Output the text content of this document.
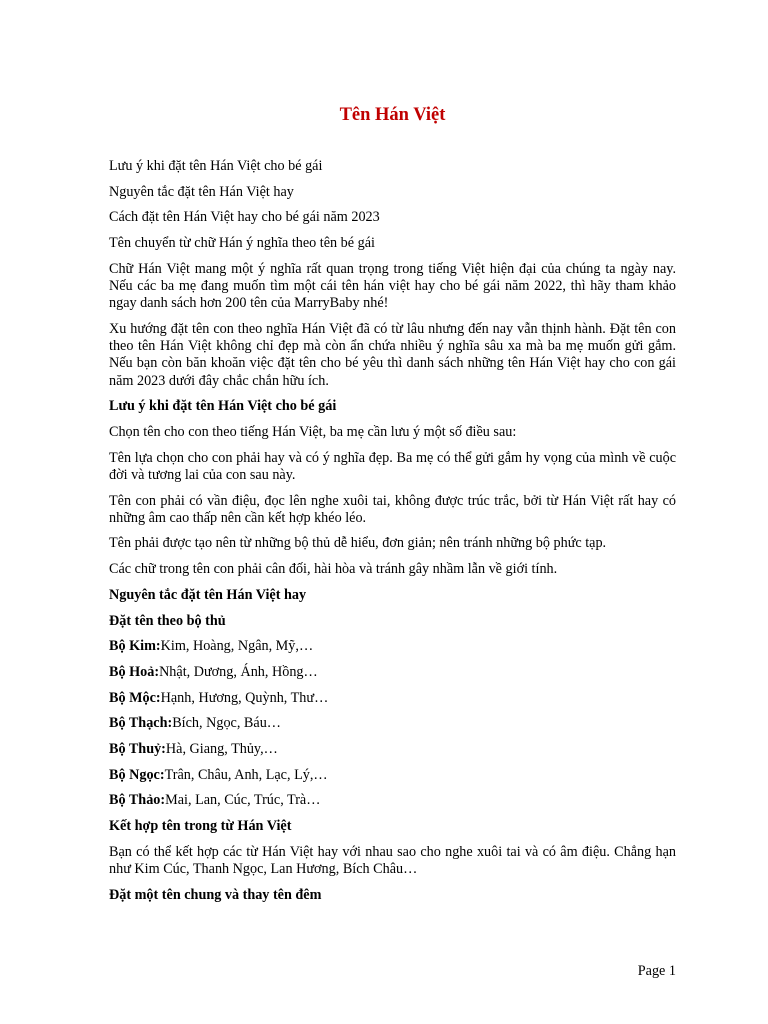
Tên Hán Việt

Lưu ý khi đặt tên Hán Việt cho bé gái

Nguyên tắc đặt tên Hán Việt hay

Cách đặt tên Hán Việt hay cho bé gái năm 2023

Tên chuyển từ chữ Hán ý nghĩa theo tên bé gái

Chữ Hán Việt mang một ý nghĩa rất quan trọng trong tiếng Việt hiện đại của chúng ta ngày nay. Nếu các ba mẹ đang muốn tìm một cái tên hán việt hay cho bé gái năm 2022, thì hãy tham khảo ngay danh sách hơn 200 tên của MarryBaby nhé!

Xu hướng đặt tên con theo nghĩa Hán Việt đã có từ lâu nhưng đến nay vẫn thịnh hành. Đặt tên con theo tên Hán Việt không chỉ đẹp mà còn ẩn chứa nhiều ý nghĩa sâu xa mà ba mẹ muốn gửi gắm. Nếu bạn còn băn khoăn việc đặt tên cho bé yêu thì danh sách những tên Hán Việt hay cho con gái năm 2023 dưới đây chắc chắn hữu ích.

Lưu ý khi đặt tên Hán Việt cho bé gái

Chọn tên cho con theo tiếng Hán Việt, ba mẹ cần lưu ý một số điều sau:

Tên lựa chọn cho con phải hay và có ý nghĩa đẹp. Ba mẹ có thể gửi gắm hy vọng của mình về cuộc đời và tương lai của con sau này.

Tên con phải có vần điệu, đọc lên nghe xuôi tai, không được trúc trắc, bởi từ Hán Việt rất hay có những âm cao thấp nên cần kết hợp khéo léo.

Tên phải được tạo nên từ những bộ thủ dễ hiểu, đơn giản; nên tránh những bộ phức tạp.

Các chữ trong tên con phải cân đối, hài hòa và tránh gây nhầm lẫn về giới tính.

Nguyên tắc đặt tên Hán Việt hay

Đặt tên theo bộ thủ

Bộ Kim:Kim, Hoàng, Ngân, Mỹ,…

Bộ Hoả:Nhật, Dương, Ánh, Hồng…

Bộ Mộc:Hạnh, Hương, Quỳnh, Thư…

Bộ Thạch:Bích, Ngọc, Báu…

Bộ Thuỷ:Hà, Giang, Thủy,…

Bộ Ngọc:Trân, Châu, Anh, Lạc, Lý,…

Bộ Thảo:Mai, Lan, Cúc, Trúc, Trà…

Kết hợp tên trong từ Hán Việt

Bạn có thể kết hợp các từ Hán Việt hay với nhau sao cho nghe xuôi tai và có âm điệu. Chẳng hạn như Kim Cúc, Thanh Ngọc, Lan Hương, Bích Châu…

Đặt một tên chung và thay tên đêm

Page 1
